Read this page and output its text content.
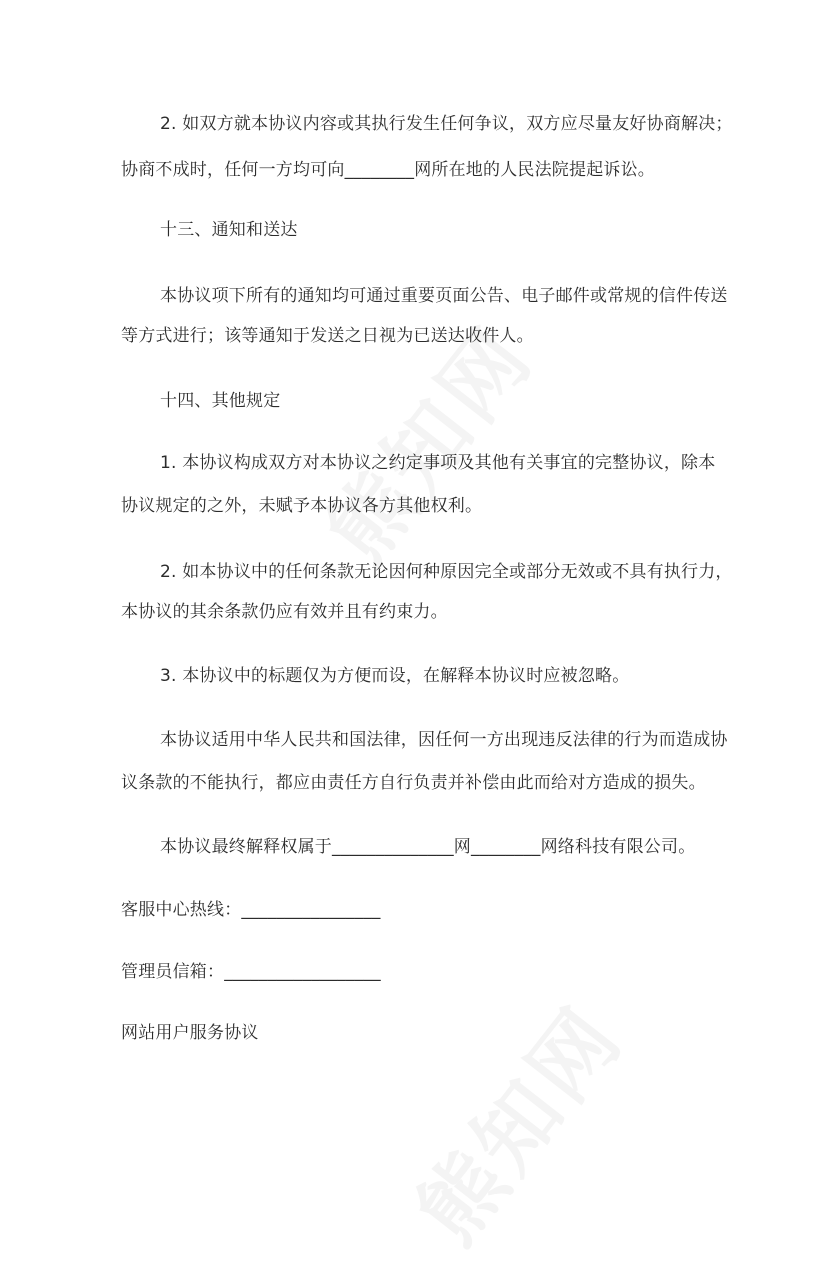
2. 如双方就本协议内容或其执行发生任何争议，双方应尽量友好协商解决；
协商不成时，任何一方均可向________网所在地的人民法院提起诉讼。
十三、通知和送达
本协议项下所有的通知均可通过重要页面公告、电子邮件或常规的信件传送
等方式进行；该等通知于发送之日视为已送达收件人。
十四、其他规定
1. 本协议构成双方对本协议之约定事项及其他有关事宜的完整协议，除本
协议规定的之外，未赋予本协议各方其他权利。
2. 如本协议中的任何条款无论因何种原因完全或部分无效或不具有执行力，
本协议的其余条款仍应有效并且有约束力。
3. 本协议中的标题仅为方便而设，在解释本协议时应被忽略。
本协议适用中华人民共和国法律，因任何一方出现违反法律的行为而造成协
议条款的不能执行，都应由责任方自行负责并补偿由此而给对方造成的损失。
本协议最终解释权属于______________网________网络科技有限公司。
客服中心热线：________________
管理员信箱：__________________
网站用户服务协议
